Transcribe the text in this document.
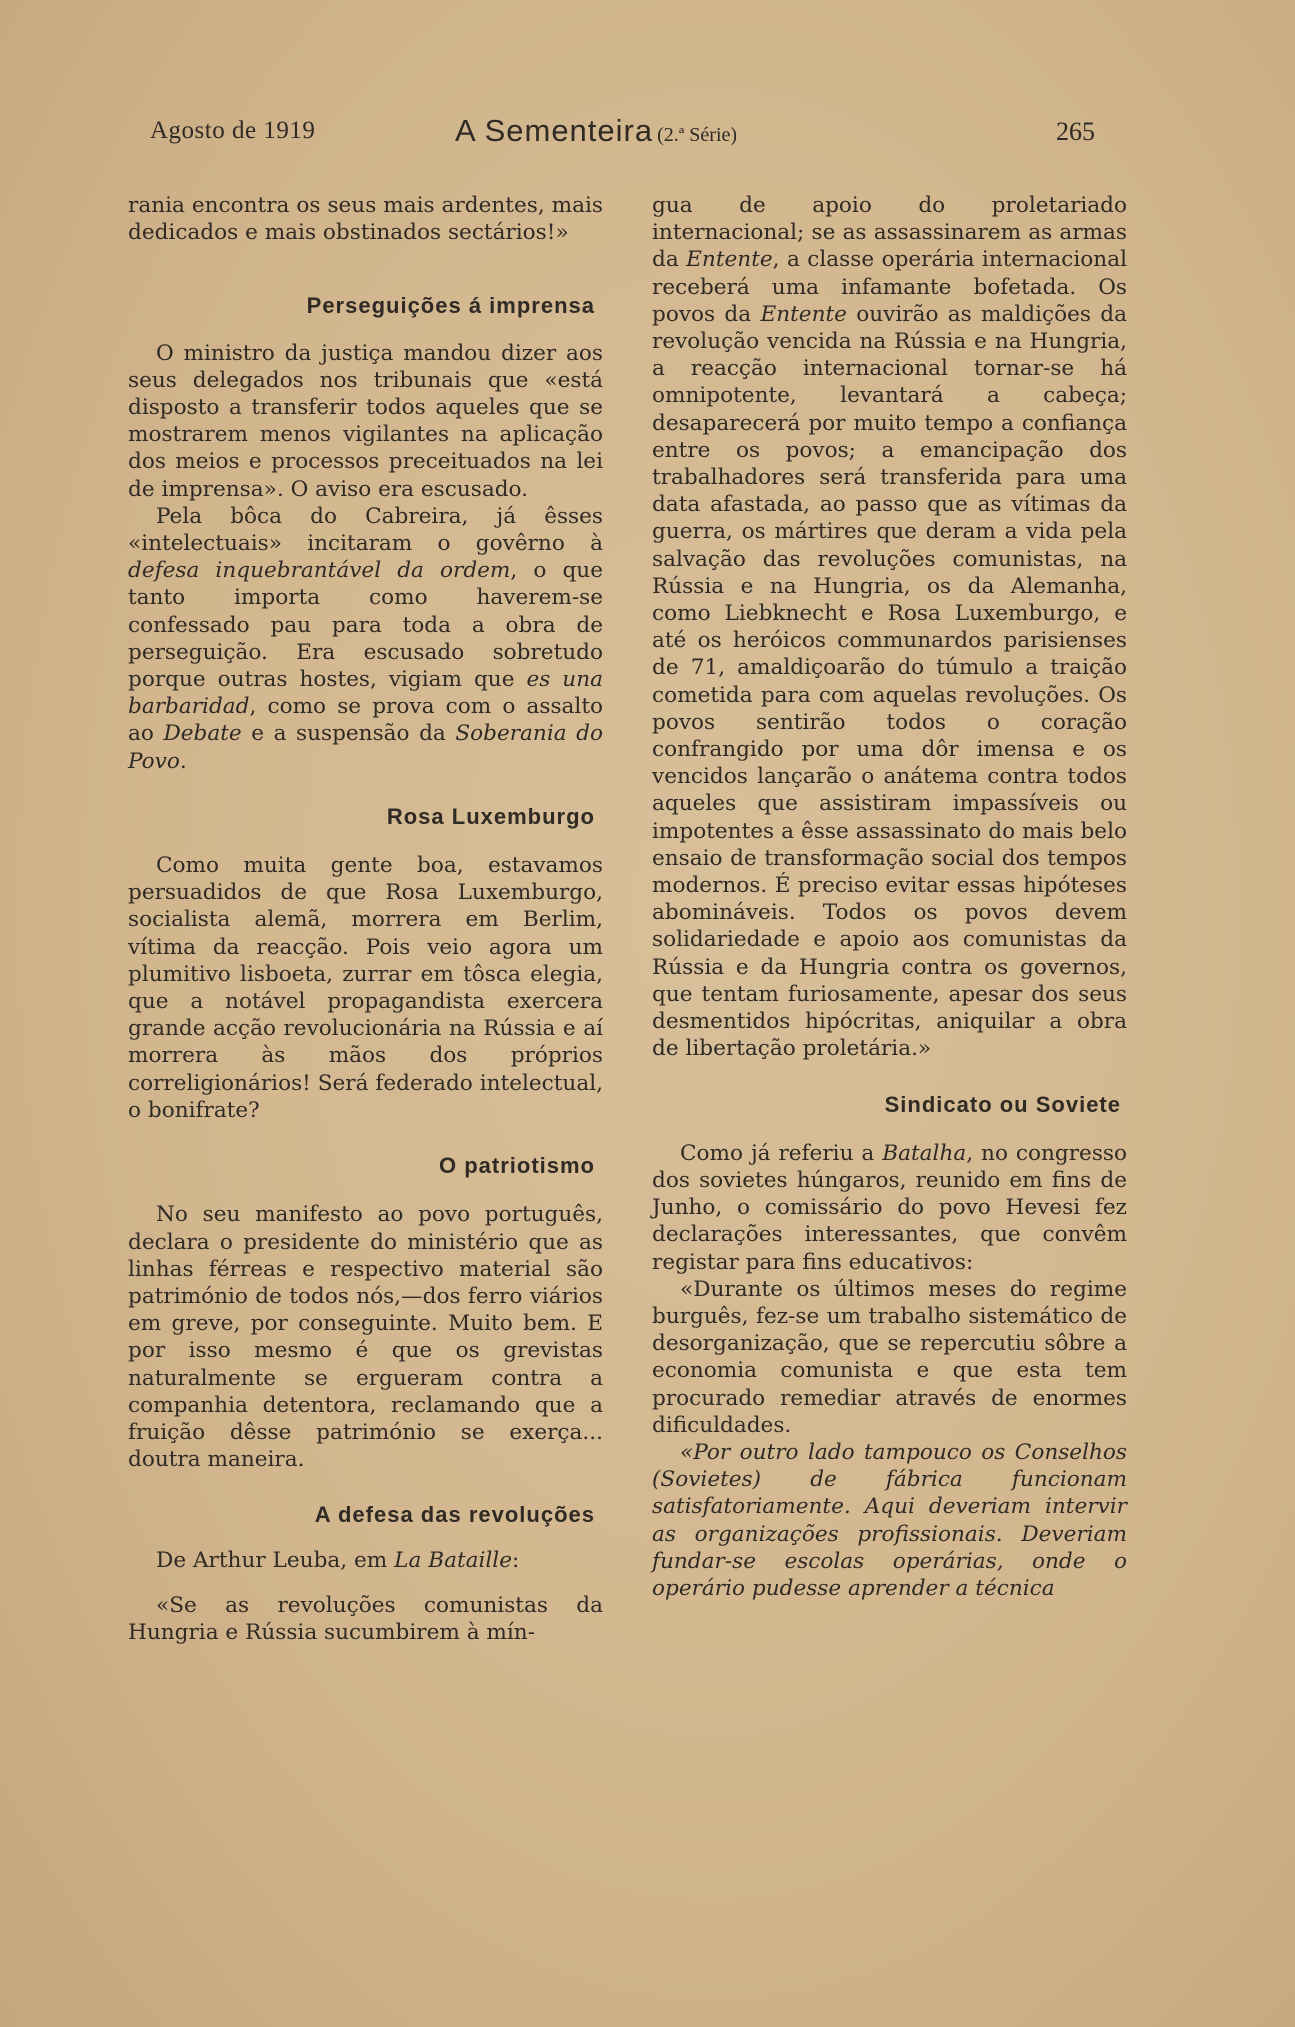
Agosto de 1919	A Sementeira (2.ª Série)	265

rania encontra os seus mais ardentes, mais dedicados e mais obstinados sectários!»

Perseguições á imprensa

O ministro da justiça mandou dizer aos seus delegados nos tribunais que «está disposto a transferir todos aqueles que se mostrarem menos vigilantes na aplicação dos meios e processos preceituados na lei de imprensa». O aviso era escusado.

Pela bôca do Cabreira, já êsses «intelectuais» incitaram o govêrno à defesa inquebrantável da ordem, o que tanto importa como haverem-se confessado pau para toda a obra de perseguição. Era escusado sobretudo porque outras hostes, vigiam que es una barbaridad, como se prova com o assalto ao Debate e a suspensão da Soberania do Povo.

Rosa Luxemburgo

Como muita gente boa, estavamos persuadidos de que Rosa Luxemburgo, socialista alemã, morrera em Berlim, vítima da reacção. Pois veio agora um plumitivo lisboeta, zurrar em tôsca elegia, que a notável propagandista exercera grande acção revolucionária na Rússia e aí morrera às mãos dos próprios correligionários! Será federado intelectual, o bonifrate?

O patriotismo

No seu manifesto ao povo português, declara o presidente do ministério que as linhas férreas e respectivo material são património de todos nós,—dos ferro viários em greve, por conseguinte. Muito bem. E por isso mesmo é que os grevistas naturalmente se ergueram contra a companhia detentora, reclamando que a fruição dêsse património se exerça... doutra maneira.

A defesa das revoluções

De Arthur Leuba, em La Bataille:

«Se as revoluções comunistas da Hungria e Rússia sucumbirem à mín-

gua de apoio do proletariado internacional; se as assassinarem as armas da Entente, a classe operária internacional receberá uma infamante bofetada. Os povos da Entente ouvirão as maldições da revolução vencida na Rússia e na Hungria, a reacção internacional tornar-se há omnipotente, levantará a cabeça; desaparecerá por muito tempo a confiança entre os povos; a emancipação dos trabalhadores será transferida para uma data afastada, ao passo que as vítimas da guerra, os mártires que deram a vida pela salvação das revoluções comunistas, na Rússia e na Hungria, os da Alemanha, como Liebknecht e Rosa Luxemburgo, e até os heróicos communardos parisienses de 71, amaldiçoarão do túmulo a traição cometida para com aquelas revoluções. Os povos sentirão todos o coração confrangido por uma dôr imensa e os vencidos lançarão o anátema contra todos aqueles que assistiram impassíveis ou impotentes a êsse assassinato do mais belo ensaio de transformação social dos tempos modernos. É preciso evitar essas hipóteses abomináveis. Todos os povos devem solidariedade e apoio aos comunistas da Rússia e da Hungria contra os governos, que tentam furiosamente, apesar dos seus desmentidos hipócritas, aniquilar a obra de libertação proletária.»

Sindicato ou Soviete

Como já referiu a Batalha, no congresso dos sovietes húngaros, reunido em fins de Junho, o comissário do povo Hevesi fez declarações interessantes, que convêm registar para fins educativos:

«Durante os últimos meses do regime burguês, fez-se um trabalho sistemático de desorganização, que se repercutiu sôbre a economia comunista e que esta tem procurado remediar através de enormes dificuldades.

«Por outro lado tampouco os Conselhos (Sovietes) de fábrica funcionam satisfatoriamente. Aqui deveriam intervir as organizações profissionais. Deveriam fundar-se escolas operárias, onde o operário pudesse aprender a técnica
